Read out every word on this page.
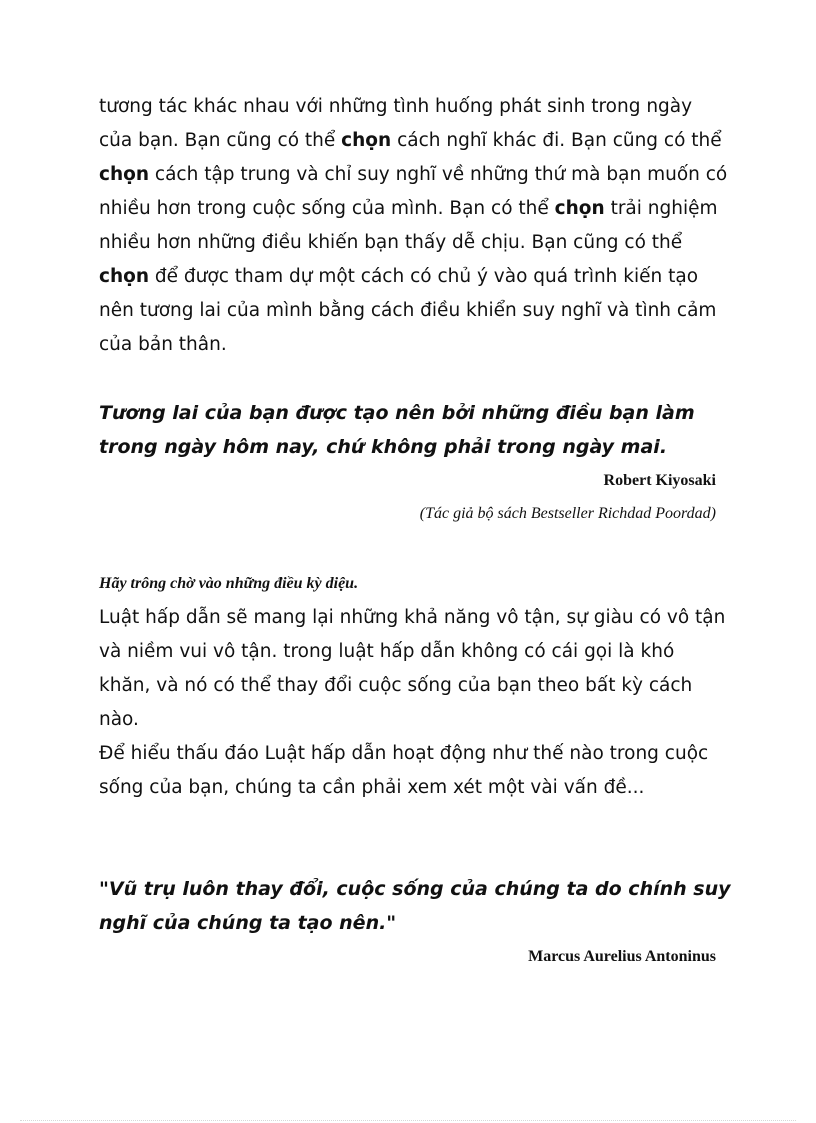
tương tác khác nhau với những tình huống phát sinh trong ngày của bạn. Bạn cũng có thể chọn cách nghĩ khác đi. Bạn cũng có thể chọn cách tập trung và chỉ suy nghĩ về những thứ mà bạn muốn có nhiều hơn trong cuộc sống của mình. Bạn có thể chọn trải nghiệm nhiều hơn những điều khiến bạn thấy dễ chịu. Bạn cũng có thể chọn để được tham dự một cách có chủ ý vào quá trình kiến tạo nên tương lai của mình bằng cách điều khiển suy nghĩ và tình cảm của bản thân.

Tương lai của bạn được tạo nên bởi những điều bạn làm trong ngày hôm nay, chứ không phải trong ngày mai.

Robert Kiyosaki

(Tác giả bộ sách Bestseller Richdad Poordad)

Hãy trông chờ vào những điều kỳ diệu.

Luật hấp dẫn sẽ mang lại những khả năng vô tận, sự giàu có vô tận và niềm vui vô tận. trong luật hấp dẫn không có cái gọi là khó khăn, và nó có thể thay đổi cuộc sống của bạn theo bất kỳ cách nào.

Để hiểu thấu đáo Luật hấp dẫn hoạt động như thế nào trong cuộc sống của bạn, chúng ta cần phải xem xét một vài vấn đề...

"Vũ trụ luôn thay đổi, cuộc sống của chúng ta do chính suy nghĩ của chúng ta tạo nên."

Marcus Aurelius Antoninus
